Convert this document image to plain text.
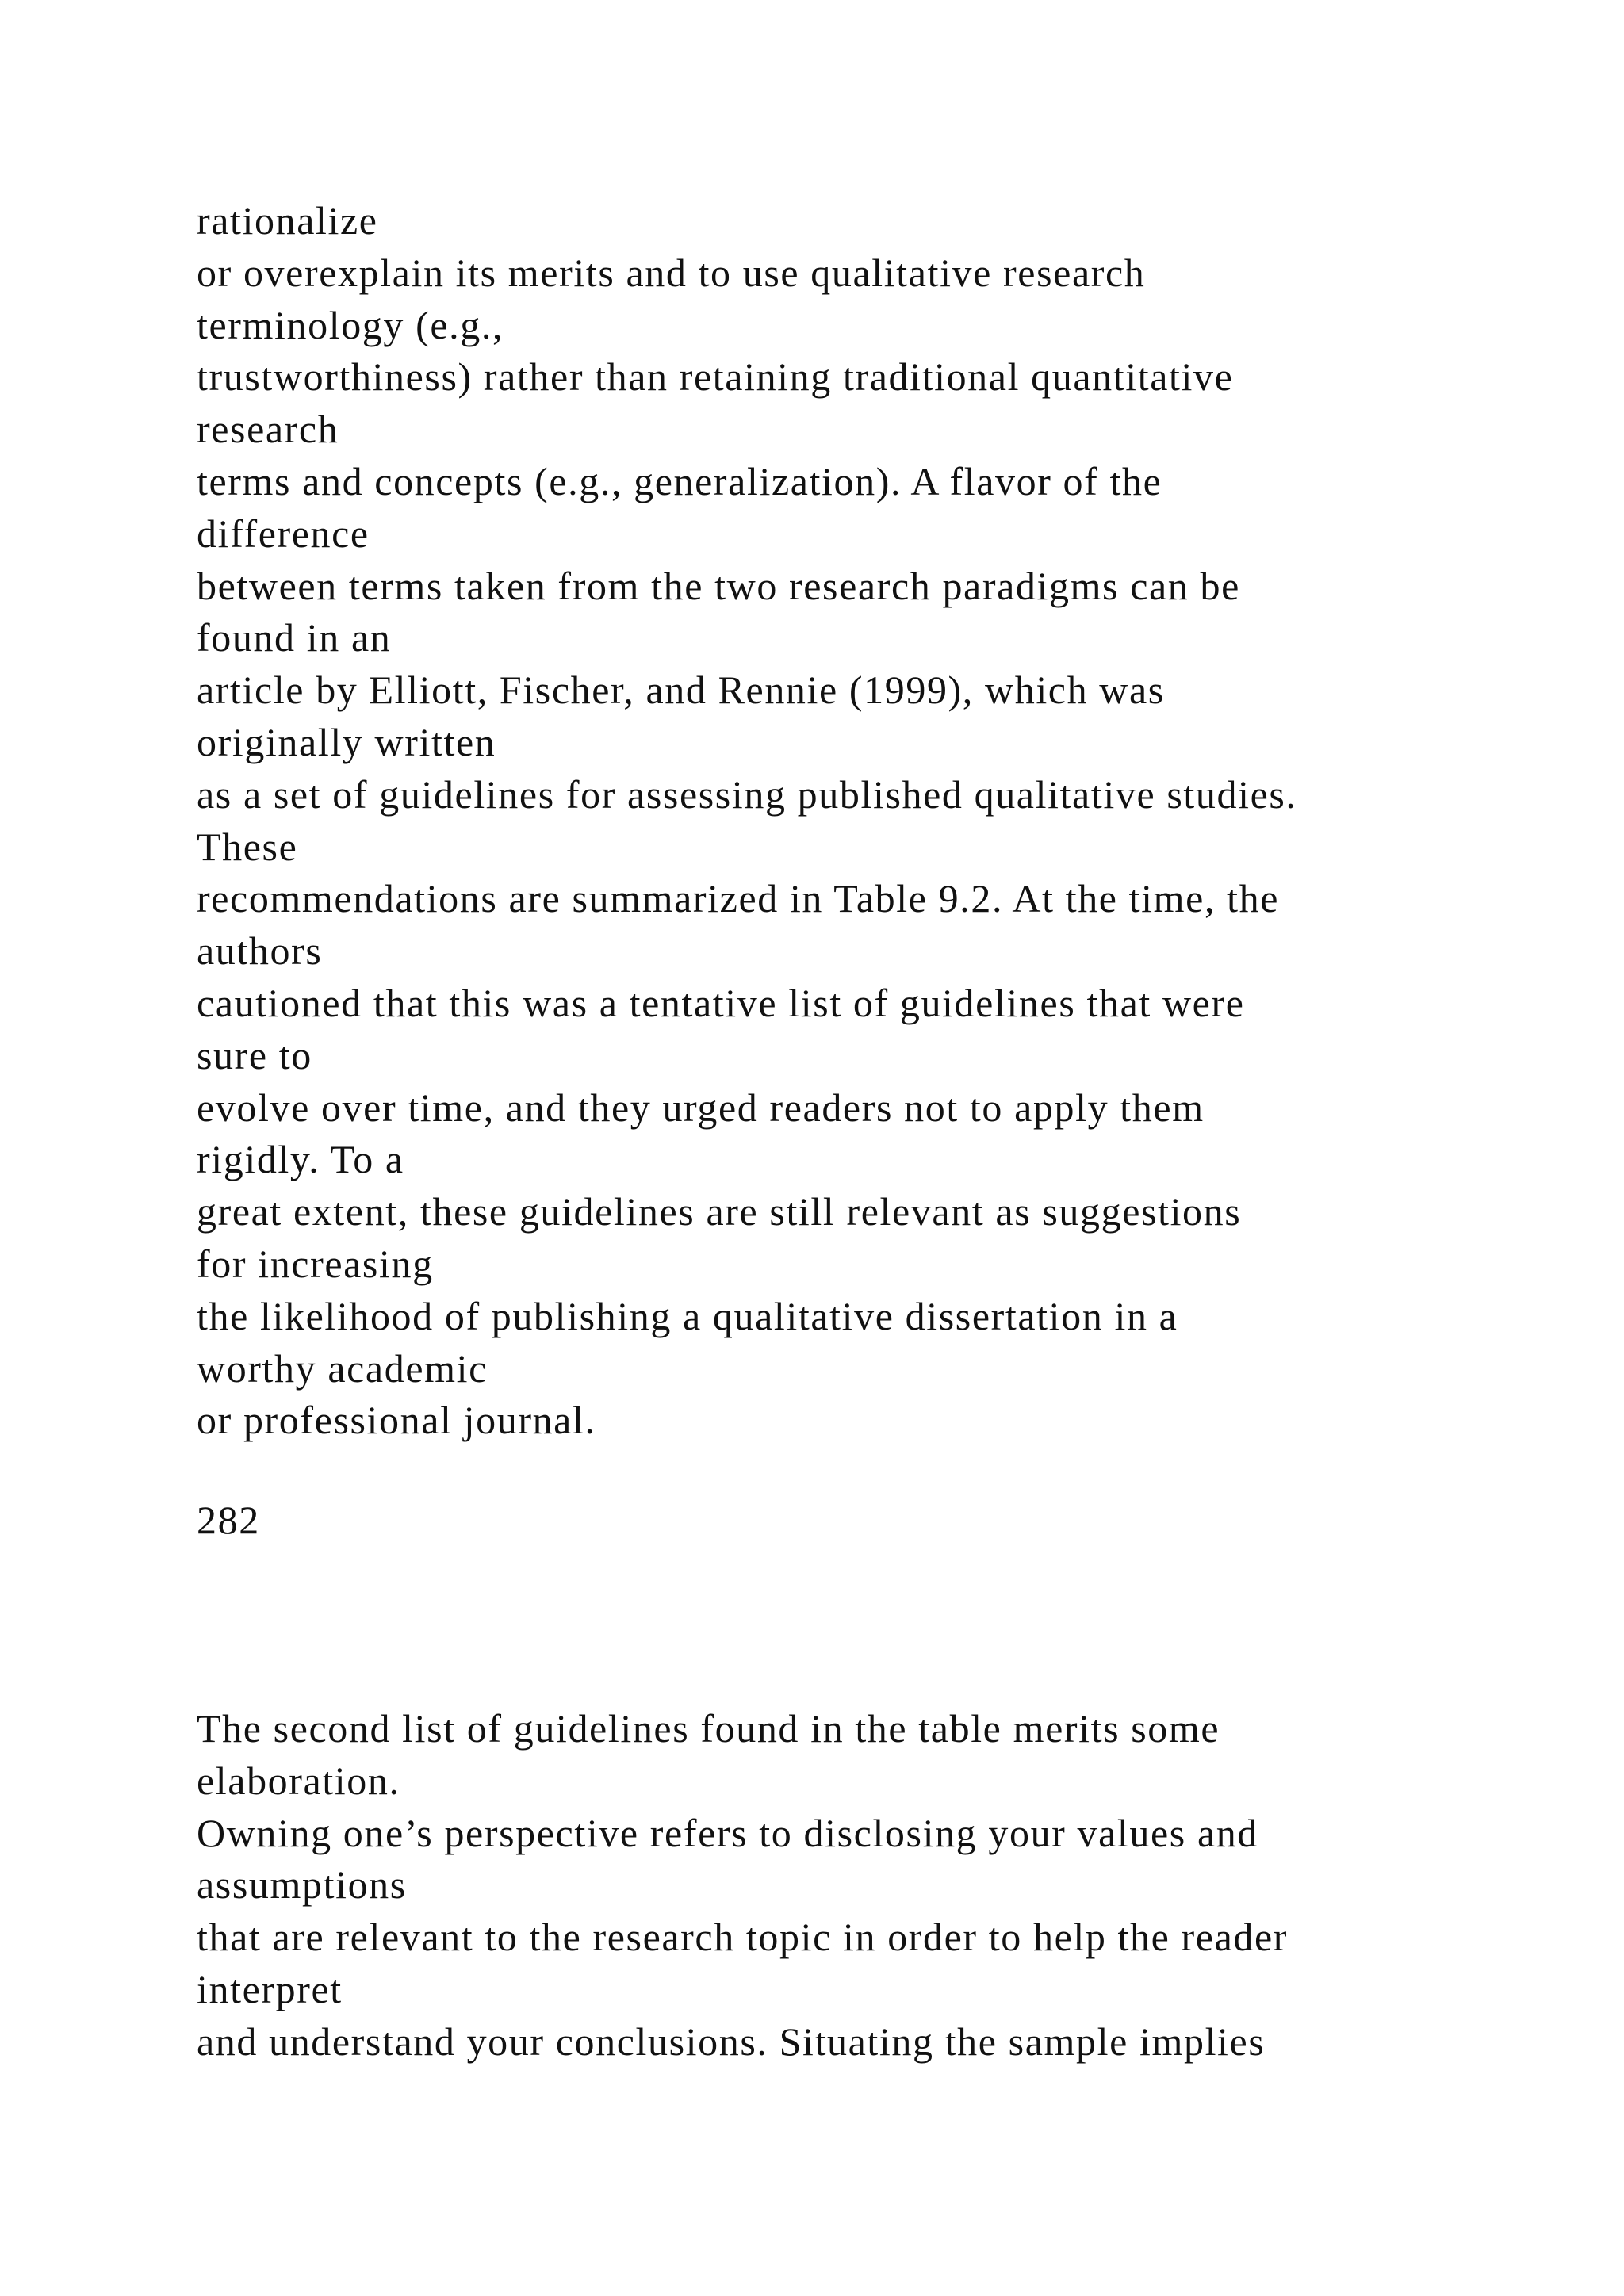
rationalize
or overexplain its merits and to use qualitative research
terminology (e.g.,
trustworthiness) rather than retaining traditional quantitative
research
terms and concepts (e.g., generalization). A flavor of the
difference
between terms taken from the two research paradigms can be
found in an
article by Elliott, Fischer, and Rennie (1999), which was
originally written
as a set of guidelines for assessing published qualitative studies.
These
recommendations are summarized in Table 9.2. At the time, the
authors
cautioned that this was a tentative list of guidelines that were
sure to
evolve over time, and they urged readers not to apply them
rigidly. To a
great extent, these guidelines are still relevant as suggestions
for increasing
the likelihood of publishing a qualitative dissertation in a
worthy academic
or professional journal.
282
The second list of guidelines found in the table merits some
elaboration.
Owning one’s perspective refers to disclosing your values and
assumptions
that are relevant to the research topic in order to help the reader
interpret
and understand your conclusions. Situating the sample implies
